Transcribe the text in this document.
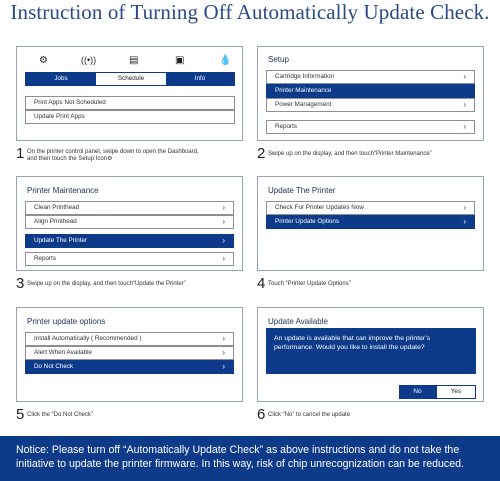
Instruction of Turning Off Automatically Update Check.
⚙	((•))	▤	▣	💧
Jobs	Schedule	Info
Print Apps Not Scheduled
Update Print Apps
1 On the printer control panel, swipe down to open the Dashboard,
and then touch the Setup Icon⚙
Setup
Cartridge Information	›
Printer Maintenance
Power Management	›
Reports	›
2 Swipe up on the display, and then touch“Printer Maintenance”
Printer Maintenance
Clean Printhead	›
Align Printhead	›
Update The Printer	›
Reports	›
3 Swipe up on the display, and then touch“Update the Printer”
Update The Printer
Check For Printer Updates Now	›
Printer Update Options	›
4 Touch “Printer Update Options”
Printer update options
Install Automatically ( Recommended )	›
Alert When Available	›
Do Not Check	›
5 Click the “Do Not Check”
Update Available
An update is available that can improve the printer’s
performance. Would you like to install the update?
No	Yes
6 Click “No” to cancel the update
Notice: Please turn off “Automatically Update Check” as above instructions and do not take the
initiative to update the printer firmware. In this way, risk of chip unrecognization can be reduced.
